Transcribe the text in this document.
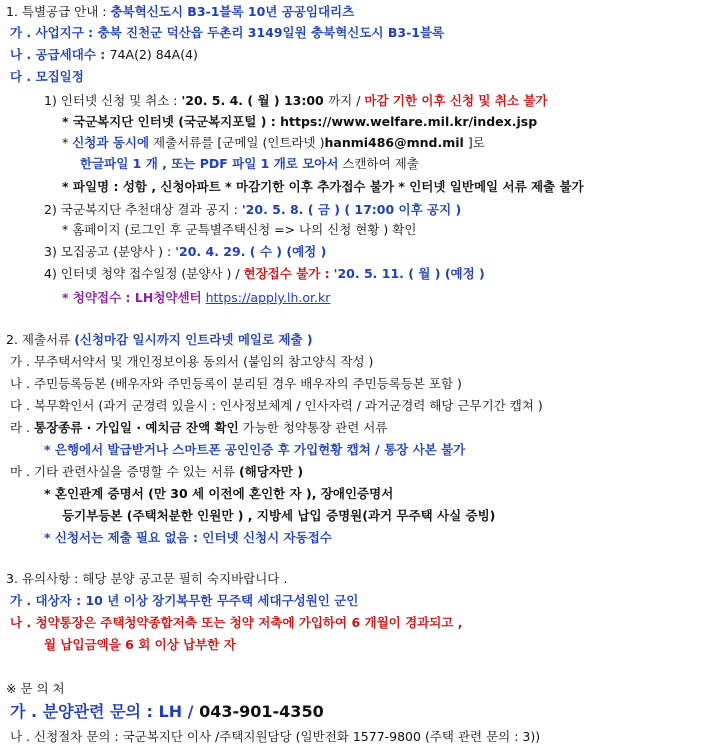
1. 특별공급 안내 : 충북혁신도시 B3-1블록 10년 공공임대리츠
가 . 사업지구 : 충북 진천군 덕산읍 두촌리 3149일원 충북혁신도시 B3-1블록
나 . 공급세대수 : 74A(2) 84A(4)
다 . 모집일정
1) 인터넷 신청 및 취소 : '20. 5. 4. ( 월 ) 13:00 까지 / 마감 기한 이후 신청 및 취소 불가
* 국군복지단 인터넷 (국군복지포털 ) : https://www.welfare.mil.kr/index.jsp
* 신청과 동시에 제출서류를 [군메일 (인트라넷 )hanmi486@mnd.mil ]로
한글파일 1 개 , 또는 PDF 파일 1 개로 모아서 스캔하여 제출
* 파일명 : 성함 , 신청아파트 * 마감기한 이후 추가접수 불가 * 인터넷 일반메일 서류 제출 불가
2) 국군복지단 추천대상 결과 공지 : '20. 5. 8. ( 금 ) ( 17:00 이후 공지 )
* 홈페이지 (로그인 후 군특별주택신청 => 나의 신청 현황 ) 확인
3) 모집공고 (분양사 ) : '20. 4. 29. ( 수 ) (예정 )
4) 인터넷 청약 접수일정 (분양사 ) / 현장접수 불가 : '20. 5. 11. ( 월 ) (예정 )
* 청약접수 : LH청약센터 https://apply.lh.or.kr
2. 제출서류 (신청마감 일시까지 인트라넷 메일로 제출 )
가 . 무주택서약서 및 개인정보이용 동의서 (붙임의 참고양식 작성 )
나 . 주민등록등본 (배우자와 주민등록이 분리된 경우 배우자의 주민등록등본 포함 )
다 . 복무확인서 (과거 군경력 있을시 : 인사정보체계 / 인사자력 / 과거군경력 해당 근무기간 캡쳐 )
라 . 통장종류 · 가입일 · 예치금 잔액 확인 가능한 청약통장 관련 서류
* 은행에서 발급받거나 스마트폰 공인인증 후 가입현황 캡쳐 / 통장 사본 불가
마 . 기타 관련사실을 증명할 수 있는 서류 (해당자만 )
* 혼인관계 증명서 (만 30 세 이전에 혼인한 자 ), 장애인증명서
등기부등본 (주택처분한 인원만 ) , 지방세 납입 증명원(과거 무주택 사실 증빙)
* 신청서는 제출 필요 없음 : 인터넷 신청시 자동접수
3. 유의사항 : 해당 분양 공고문 필히 숙지바랍니다 .
가 . 대상자 : 10 년 이상 장기복무한 무주택 세대구성원인 군인
나 . 청약통장은 주택청약종합저축 또는 청약 저축에 가입하여 6 개월이 경과되고 ,
월 납입금액을 6 회 이상 납부한 자
※ 문 의 처
가 . 분양관련 문의 : LH / 043-901-4350
나 . 신청절차 문의 : 국군복지단 이사 /주택지원담당 (일반전화 1577-9800 (주택 관련 문의 : 3))
